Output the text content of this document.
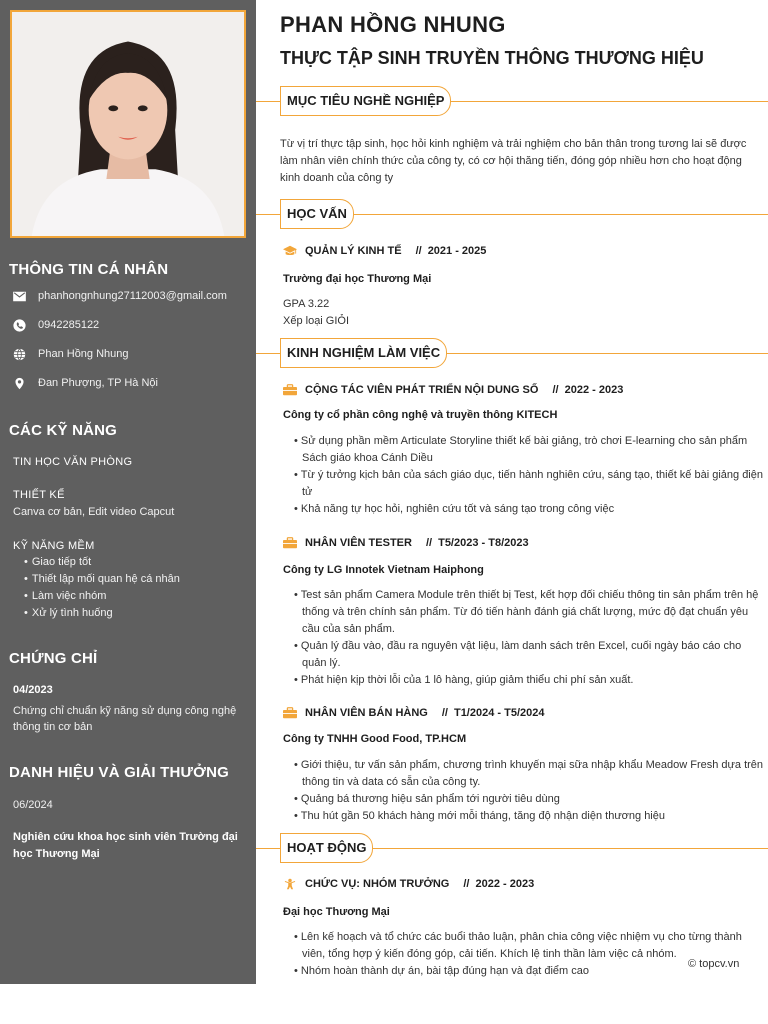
THÔNG TIN CÁ NHÂN
phanhongnhung27112003@gmail.com
0942285122
Phan Hồng Nhung
Đan Phượng, TP Hà Nội
CÁC KỸ NĂNG
TIN HỌC VĂN PHÒNG
THIẾT KẾ
Canva cơ bản, Edit video Capcut
KỸ NĂNG MỀM
• Giao tiếp tốt
• Thiết lập mối quan hệ cá nhân
• Làm việc nhóm
• Xử lý tình huống
CHỨNG CHỈ
04/2023
Chứng chỉ chuẩn kỹ năng sử dụng công nghệ thông tin cơ bản
DANH HIỆU VÀ GIẢI THƯỞNG
06/2024
Nghiên cứu khoa học sinh viên Trường đại học Thương Mại
PHAN HỒNG NHUNG
THỰC TẬP SINH TRUYỀN THÔNG THƯƠNG HIỆU
MỤC TIÊU NGHỀ NGHIỆP
Từ vị trí thực tập sinh, học hỏi kinh nghiệm và trải nghiệm cho bản thân trong tương lai sẽ được làm nhân viên chính thức của công ty, có cơ hội thăng tiến, đóng góp nhiều hơn cho hoạt động kinh doanh của công ty
HỌC VẤN
QUẢN LÝ KINH TẾ // 2021 - 2025
Trường đại học Thương Mại
GPA 3.22
Xếp loại GIỎI
KINH NGHIỆM LÀM VIỆC
CỘNG TÁC VIÊN PHÁT TRIỂN NỘI DUNG SỐ // 2022 - 2023
Công ty cổ phần công nghệ và truyền thông KITECH
• Sử dụng phần mềm Articulate Storyline thiết kế bài giảng, trò chơi E-learning cho sản phẩm Sách giáo khoa Cánh Diều
• Từ ý tưởng kịch bản của sách giáo dục, tiến hành nghiên cứu, sáng tạo, thiết kế bài giảng điện tử
• Khả năng tự học hỏi, nghiên cứu tốt và sáng tạo trong công việc
NHÂN VIÊN TESTER // T5/2023 - T8/2023
Công ty LG Innotek Vietnam Haiphong
• Test sản phẩm Camera Module trên thiết bị Test, kết hợp đối chiếu thông tin sản phẩm trên hệ thống và trên chính sản phẩm. Từ đó tiến hành đánh giá chất lượng, mức độ đạt chuẩn yêu cầu của sản phẩm.
• Quản lý đầu vào, đầu ra nguyên vật liệu, làm danh sách trên Excel, cuối ngày báo cáo cho quản lý.
• Phát hiện kịp thời lỗi của 1 lô hàng, giúp giảm thiểu chi phí sản xuất.
NHÂN VIÊN BÁN HÀNG // T1/2024 - T5/2024
Công ty TNHH Good Food, TP.HCM
• Giới thiệu, tư vấn sản phẩm, chương trình khuyến mại sữa nhập khẩu Meadow Fresh dựa trên thông tin và data có sẵn của công ty.
• Quảng bá thương hiệu sản phẩm tới người tiêu dùng
• Thu hút gần 50 khách hàng mới mỗi tháng, tăng độ nhận diện thương hiệu
HOẠT ĐỘNG
CHỨC VỤ: NHÓM TRƯỞNG // 2022 - 2023
Đại học Thương Mại
• Lên kế hoạch và tổ chức các buổi thảo luận, phân chia công việc nhiệm vụ cho từng thành viên, tổng hợp ý kiến đóng góp, cải tiến. Khích lệ tinh thần làm việc cả nhóm.
• Nhóm hoàn thành dự án, bài tập đúng hạn và đạt điểm cao
© topcv.vn
